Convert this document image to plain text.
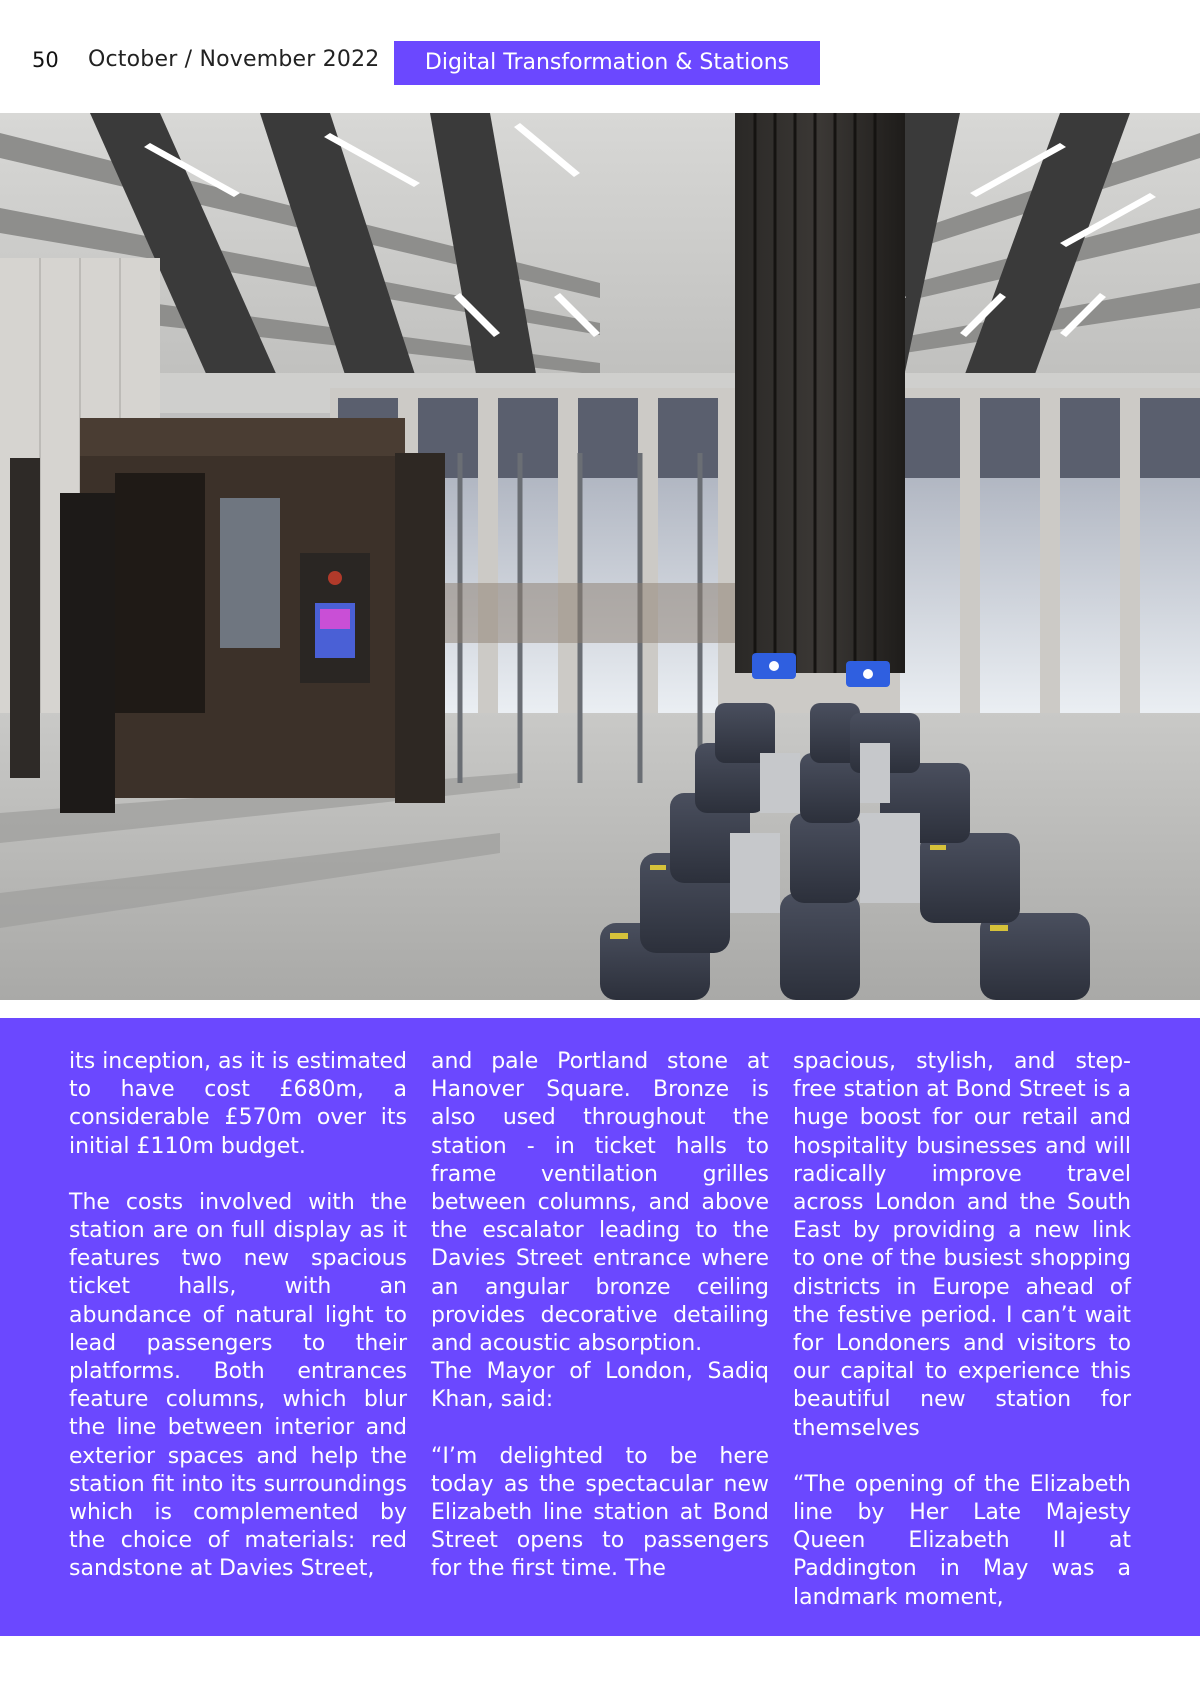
50 October / November 2022	Digital Transformation & Stations

its inception, as it is estimated to have cost £680m, a considerable £570m over its initial £110m budget.

The costs involved with the station are on full display as it features two new spacious ticket halls, with an abundance of natural light to lead passengers to their platforms. Both entrances feature columns, which blur the line between interior and exterior spaces and help the station fit into its surroundings which is complemented by the choice of materials: red sandstone at Davies Street,

and pale Portland stone at Hanover Square. Bronze is also used throughout the station - in ticket halls to frame ventilation grilles between columns, and above the escalator leading to the Davies Street entrance where an angular bronze ceiling provides decorative detailing and acoustic absorption.

The Mayor of London, Sadiq Khan, said:

“I’m delighted to be here today as the spectacular new Elizabeth line station at Bond Street opens to passengers for the first time. The

spacious, stylish, and step-free station at Bond Street is a huge boost for our retail and hospitality businesses and will radically improve travel across London and the South East by providing a new link to one of the busiest shopping districts in Europe ahead of the festive period. I can’t wait for Londoners and visitors to our capital to experience this beautiful new station for themselves

“The opening of the Elizabeth line by Her Late Majesty Queen Elizabeth II at Paddington in May was a landmark moment,
